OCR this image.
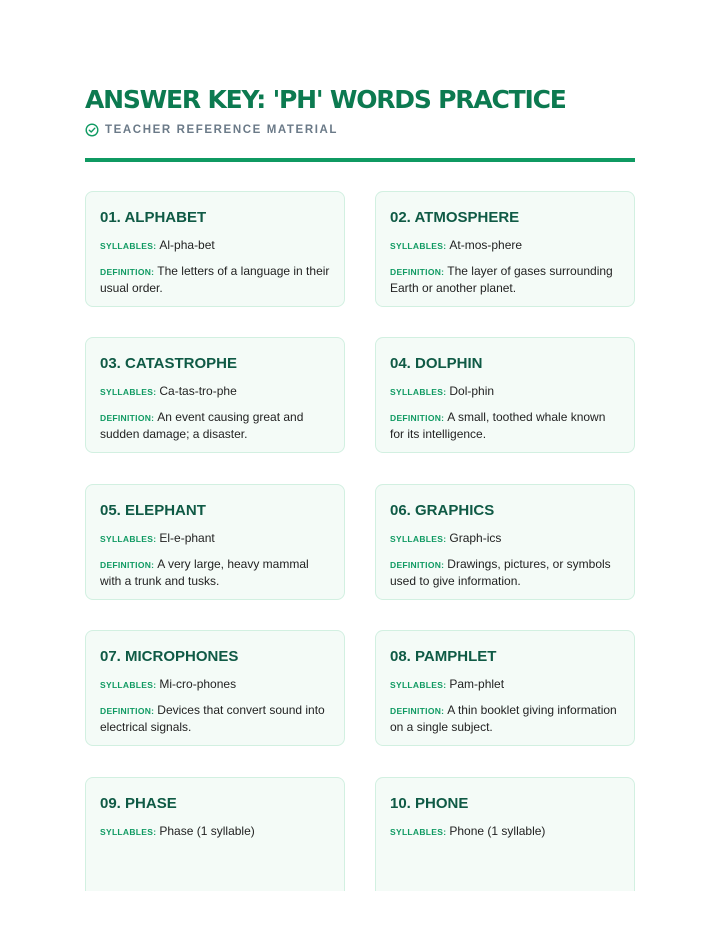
ANSWER KEY: 'PH' WORDS PRACTICE
TEACHER REFERENCE MATERIAL
01. ALPHABET
SYLLABLES: Al-pha-bet
DEFINITION: The letters of a language in their usual order.
02. ATMOSPHERE
SYLLABLES: At-mos-phere
DEFINITION: The layer of gases surrounding Earth or another planet.
03. CATASTROPHE
SYLLABLES: Ca-tas-tro-phe
DEFINITION: An event causing great and sudden damage; a disaster.
04. DOLPHIN
SYLLABLES: Dol-phin
DEFINITION: A small, toothed whale known for its intelligence.
05. ELEPHANT
SYLLABLES: El-e-phant
DEFINITION: A very large, heavy mammal with a trunk and tusks.
06. GRAPHICS
SYLLABLES: Graph-ics
DEFINITION: Drawings, pictures, or symbols used to give information.
07. MICROPHONES
SYLLABLES: Mi-cro-phones
DEFINITION: Devices that convert sound into electrical signals.
08. PAMPHLET
SYLLABLES: Pam-phlet
DEFINITION: A thin booklet giving information on a single subject.
09. PHASE
SYLLABLES: Phase (1 syllable)
10. PHONE
SYLLABLES: Phone (1 syllable)
